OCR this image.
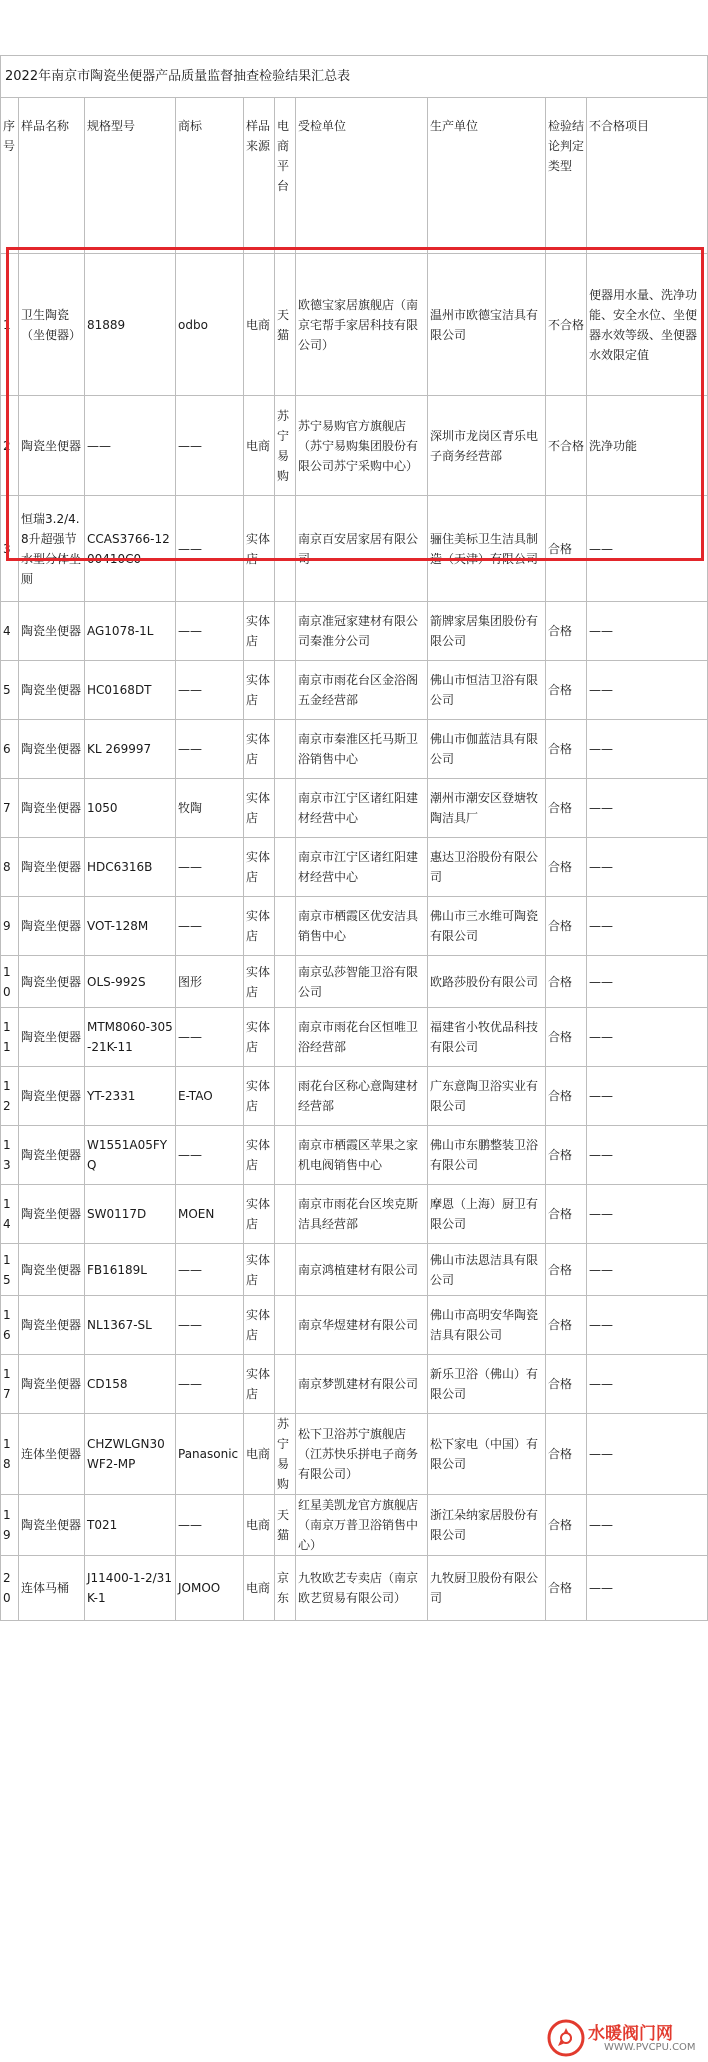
2022年南京市陶瓷坐便器产品质量监督抽查检验结果汇总表									
序号	样品名称	规格型号	商标	样品来源	电商平台	受检单位	生产单位	检验结论判定类型	不合格项目
1	卫生陶瓷（坐便器）	81889	odbo	电商	天猫	欧德宝家居旗舰店（南京宅帮手家居科技有限公司）	温州市欧德宝洁具有限公司	不合格	便器用水量、洗净功能、安全水位、坐便器水效等级、坐便器水效限定值
2	陶瓷坐便器	——	——	电商	苏宁易购	苏宁易购官方旗舰店（苏宁易购集团股份有限公司苏宁采购中心）	深圳市龙岗区青乐电子商务经营部	不合格	洗净功能
3	恒瑞3.2/4.8升超强节水型分体坐厕	CCAS3766-1200410C0	——	实体店		南京百安居家居有限公司	骊住美标卫生洁具制造（天津）有限公司	合格	——
4	陶瓷坐便器	AG1078-1L	——	实体店		南京准冠家建材有限公司秦淮分公司	箭牌家居集团股份有限公司	合格	——
5	陶瓷坐便器	HC0168DT	——	实体店		南京市雨花台区金浴阁五金经营部	佛山市恒洁卫浴有限公司	合格	——
6	陶瓷坐便器	KL 269997	——	实体店		南京市秦淮区托马斯卫浴销售中心	佛山市伽蓝洁具有限公司	合格	——
7	陶瓷坐便器	1050	牧陶	实体店		南京市江宁区诸红阳建材经营中心	潮州市潮安区登塘牧陶洁具厂	合格	——
8	陶瓷坐便器	HDC6316B	——	实体店		南京市江宁区诸红阳建材经营中心	惠达卫浴股份有限公司	合格	——
9	陶瓷坐便器	VOT-128M	——	实体店		南京市栖霞区优安洁具销售中心	佛山市三水维可陶瓷有限公司	合格	——
10	陶瓷坐便器	OLS-992S	图形	实体店		南京弘莎智能卫浴有限公司	欧路莎股份有限公司	合格	——
11	陶瓷坐便器	MTM8060-305-21K-11	——	实体店		南京市雨花台区恒唯卫浴经营部	福建省小牧优品科技有限公司	合格	——
12	陶瓷坐便器	YT-2331	E-TAO	实体店		雨花台区称心意陶建材经营部	广东意陶卫浴实业有限公司	合格	——
13	陶瓷坐便器	W1551A05FYQ	——	实体店		南京市栖霞区苹果之家机电阀销售中心	佛山市东鹏整装卫浴有限公司	合格	——
14	陶瓷坐便器	SW0117D	MOEN	实体店		南京市雨花台区埃克斯洁具经营部	摩恩（上海）厨卫有限公司	合格	——
15	陶瓷坐便器	FB16189L	——	实体店		南京鸿植建材有限公司	佛山市法恩洁具有限公司	合格	——
16	陶瓷坐便器	NL1367-SL	——	实体店		南京华煜建材有限公司	佛山市高明安华陶瓷洁具有限公司	合格	——
17	陶瓷坐便器	CD158	——	实体店		南京梦凯建材有限公司	新乐卫浴（佛山）有限公司	合格	——
18	连体坐便器	CHZWLGN30WF2-MP	Panasonic	电商	苏宁易购	松下卫浴苏宁旗舰店（江苏快乐拼电子商务有限公司）	松下家电（中国）有限公司	合格	——
19	陶瓷坐便器	T021	——	电商	天猫	红星美凯龙官方旗舰店（南京万普卫浴销售中心）	浙江朵纳家居股份有限公司	合格	——
20	连体马桶	J11400-1-2/31K-1	JOMOO	电商	京东	九牧欧艺专卖店（南京欧艺贸易有限公司）	九牧厨卫股份有限公司	合格	——
水暖阀门网
WWW.PVCPU.COM
